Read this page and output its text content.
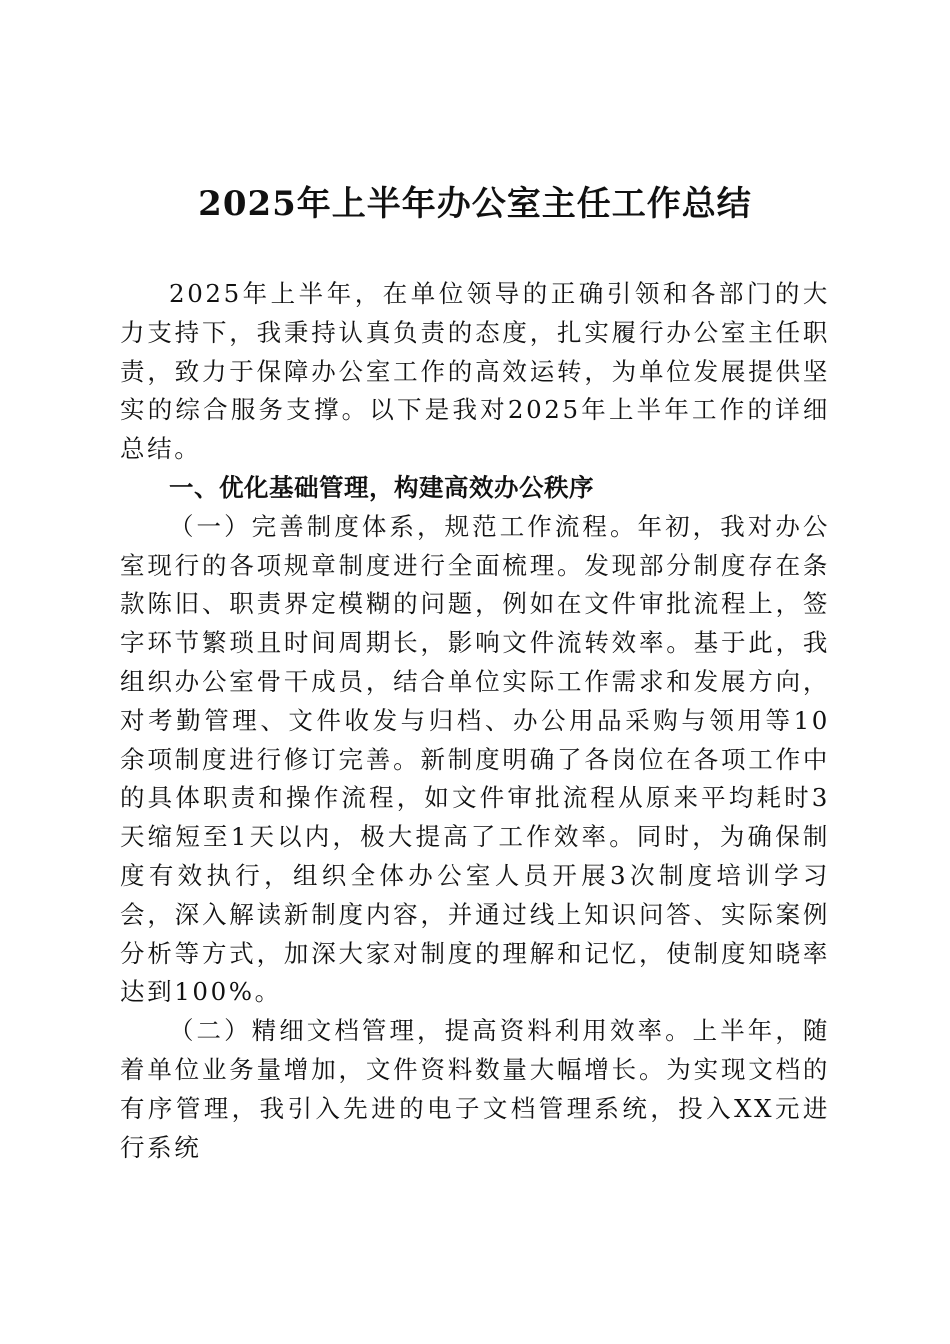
2025年上半年办公室主任工作总结

2025年上半年，在单位领导的正确引领和各部门的大力支持下，我秉持认真负责的态度，扎实履行办公室主任职责，致力于保障办公室工作的高效运转，为单位发展提供坚实的综合服务支撑。以下是我对2025年上半年工作的详细总结。

一、优化基础管理，构建高效办公秩序

（一）完善制度体系，规范工作流程。年初，我对办公室现行的各项规章制度进行全面梳理。发现部分制度存在条款陈旧、职责界定模糊的问题，例如在文件审批流程上，签字环节繁琐且时间周期长，影响文件流转效率。基于此，我组织办公室骨干成员，结合单位实际工作需求和发展方向，对考勤管理、文件收发与归档、办公用品采购与领用等10余项制度进行修订完善。新制度明确了各岗位在各项工作中的具体职责和操作流程，如文件审批流程从原来平均耗时3天缩短至1天以内，极大提高了工作效率。同时，为确保制度有效执行，组织全体办公室人员开展3次制度培训学习会，深入解读新制度内容，并通过线上知识问答、实际案例分析等方式，加深大家对制度的理解和记忆，使制度知晓率达到100%。

（二）精细文档管理，提高资料利用效率。上半年，随着单位业务量增加，文件资料数量大幅增长。为实现文档的有序管理，我引入先进的电子文档管理系统，投入XX元进行系统
